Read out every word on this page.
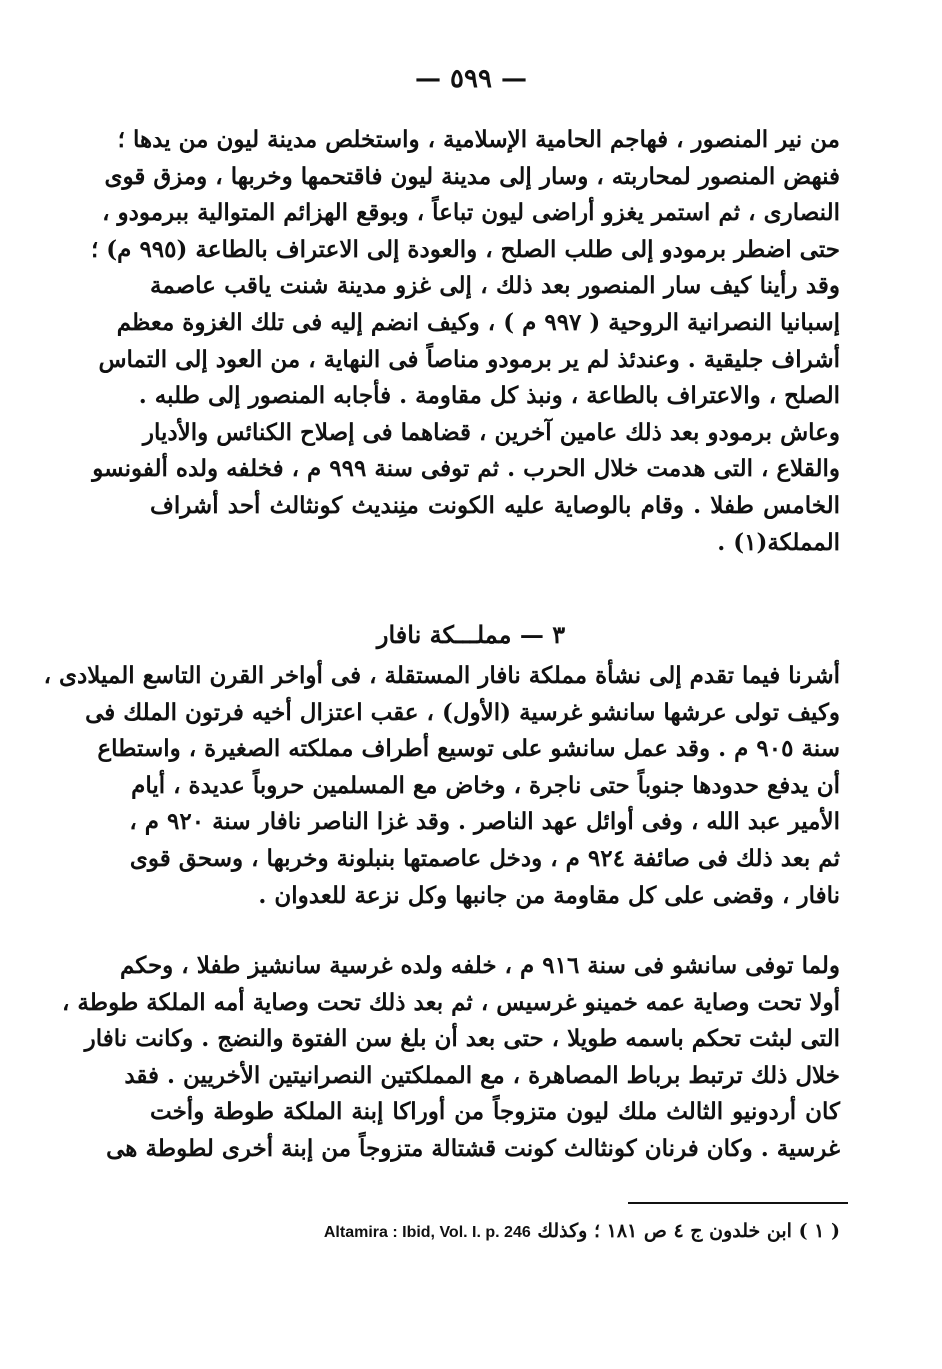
— ٥٩٩ —
من نير المنصور ، فهاجم الحامية الإسلامية ، واستخلص مدينة ليون من يدها ؛
فنهض المنصور لمحاربته ، وسار إلى مدينة ليون فاقتحمها وخربها ، ومزق قوى
النصارى ، ثم استمر يغزو أراضى ليون تباعاً ، وبوقع الهزائم المتوالية ببرمودو ،
حتى اضطر برمودو إلى طلب الصلح ، والعودة إلى الاعتراف بالطاعة (٩٩٥ م) ؛
وقد رأينا كيف سار المنصور بعد ذلك ، إلى غزو مدينة شنت ياقب عاصمة
إسبانيا النصرانية الروحية ( ٩٩٧ م ) ، وكيف انضم إليه فى تلك الغزوة معظم
أشراف جليقية . وعندئذ لم ير برمودو مناصاً فى النهاية ، من العود إلى التماس
الصلح ، والاعتراف بالطاعة ، ونبذ كل مقاومة . فأجابه المنصور إلى طلبه .
وعاش برمودو بعد ذلك عامين آخرين ، قضاهما فى إصلاح الكنائس والأديار
والقلاع ، التى هدمت خلال الحرب . ثم توفى سنة ٩٩٩ م ، فخلفه ولده ألفونسو
الخامس طفلا . وقام بالوصاية عليه الكونت منِنديث كونثالث أحد أشراف
المملكة(١) .
٣ — مملـــكة نافار
أشرنا فيما تقدم إلى نشأة مملكة نافار المستقلة ، فى أواخر القرن التاسع الميلادى ،
وكيف تولى عرشها سانشو غرسية (الأول) ، عقب اعتزال أخيه فرتون الملك فى
سنة ٩٠٥ م . وقد عمل سانشو على توسيع أطراف مملكته الصغيرة ، واستطاع
أن يدفع حدودها جنوباً حتى ناجرة ، وخاض مع المسلمين حروباً عديدة ، أيام
الأمير عبد الله ، وفى أوائل عهد الناصر . وقد غزا الناصر نافار سنة ٩٢٠ م ،
ثم بعد ذلك فى صائفة ٩٢٤ م ، ودخل عاصمتها بنبلونة وخربها ، وسحق قوى
نافار ، وقضى على كل مقاومة من جانبها وكل نزعة للعدوان .
ولما توفى سانشو فى سنة ٩١٦ م ، خلفه ولده غرسية سانشيز طفلا ، وحكم
أولا تحت وصاية عمه خمينو غرسيس ، ثم بعد ذلك تحت وصاية أمه الملكة طوطة ،
التى لبثت تحكم باسمه طويلا ، حتى بعد أن بلغ سن الفتوة والنضج . وكانت نافار
خلال ذلك ترتبط برباط المصاهرة ، مع المملكتين النصرانيتين الأخريين . فقد
كان أردونيو الثالث ملك ليون متزوجاً من أوراكا إبنة الملكة طوطة وأخت
غرسية . وكان فرنان كونثالث كونت قشتالة متزوجاً من إبنة أخرى لطوطة هى
( ١ ) ابن خلدون ج ٤ ص ١٨١ ؛ وكذلك Altamira : Ibid, Vol. I. p. 246
